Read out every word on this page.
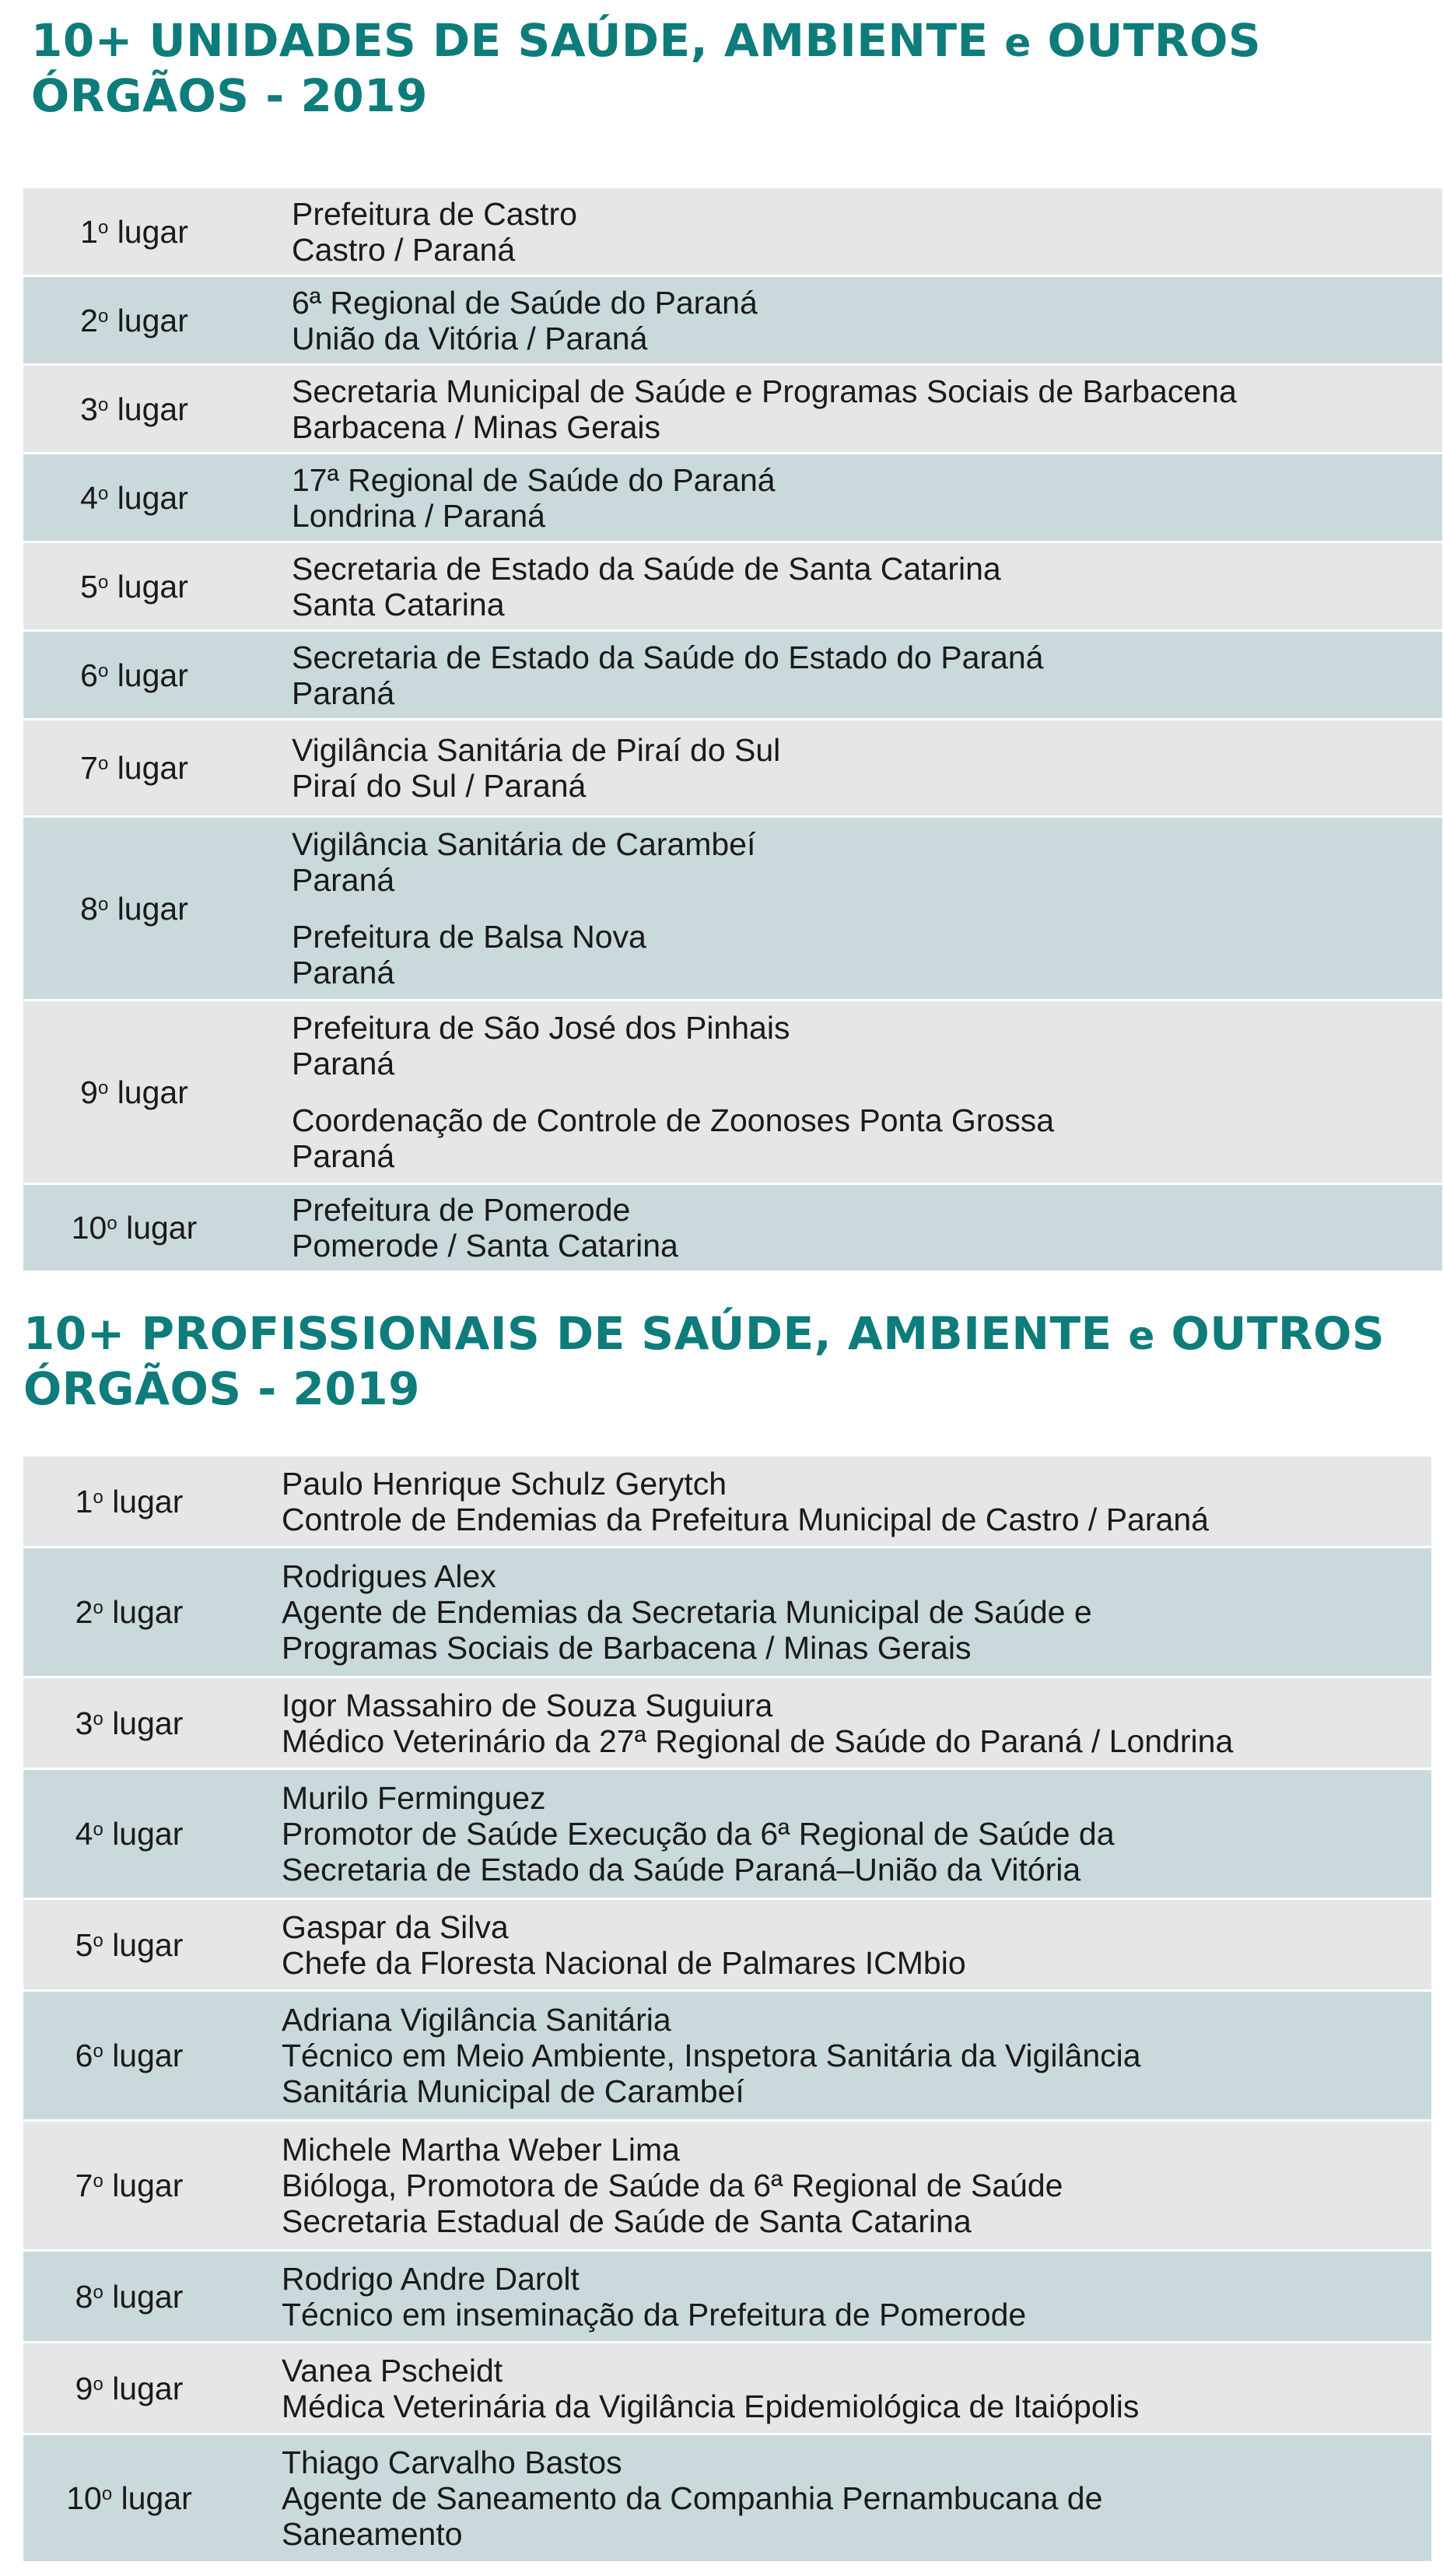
10+ UNIDADES DE SAÚDE, AMBIENTE e OUTROS
ÓRGÃOS - 2019
1$^o$ lugar	Prefeitura de Castro
Castro / Paraná
2$^o$ lugar	6ª Regional de Saúde do Paraná
União da Vitória / Paraná
3$^o$ lugar	Secretaria Municipal de Saúde e Programas Sociais de Barbacena
Barbacena / Minas Gerais
4$^o$ lugar	17ª Regional de Saúde do Paraná
Londrina / Paraná
5$^o$ lugar	Secretaria de Estado da Saúde de Santa Catarina
Santa Catarina
6$^o$ lugar	Secretaria de Estado da Saúde do Estado do Paraná
Paraná
7$^o$ lugar	Vigilância Sanitária de Piraí do Sul
Piraí do Sul / Paraná
8$^o$ lugar
Vigilância Sanitária de Carambeí
Paraná
Prefeitura de Balsa Nova
Paraná
9$^o$ lugar
Prefeitura de São José dos Pinhais
Paraná
Coordenação de Controle de Zoonoses Ponta Grossa
Paraná
10$^o$ lugar	Prefeitura de Pomerode
Pomerode / Santa Catarina
10+ PROFISSIONAIS DE SAÚDE, AMBIENTE e OUTROS
ÓRGÃOS - 2019
1$^o$ lugar	Paulo Henrique Schulz Gerytch
Controle de Endemias da Prefeitura Municipal de Castro / Paraná
2$^o$ lugar
Rodrigues Alex
Agente de Endemias da Secretaria Municipal de Saúde e
Programas Sociais de Barbacena / Minas Gerais
3$^o$ lugar	Igor Massahiro de Souza Suguiura
Médico Veterinário da 27ª Regional de Saúde do Paraná / Londrina
4$^o$ lugar
Murilo Ferminguez
Promotor de Saúde Execução da 6ª Regional de Saúde da
Secretaria de Estado da Saúde Paraná–União da Vitória
5$^o$ lugar	Gaspar da Silva
Chefe da Floresta Nacional de Palmares ICMbio
6$^o$ lugar
Adriana Vigilância Sanitária
Técnico em Meio Ambiente, Inspetora Sanitária da Vigilância
Sanitária Municipal de Carambeí
7$^o$ lugar
Michele Martha Weber Lima
Bióloga, Promotora de Saúde da 6ª Regional de Saúde
Secretaria Estadual de Saúde de Santa Catarina
8$^o$ lugar	Rodrigo Andre Darolt
Técnico em inseminação da Prefeitura de Pomerode
9$^o$ lugar	Vanea Pscheidt
Médica Veterinária da Vigilância Epidemiológica de Itaiópolis
10$^o$ lugar
Thiago Carvalho Bastos
Agente de Saneamento da Companhia Pernambucana de
Saneamento
